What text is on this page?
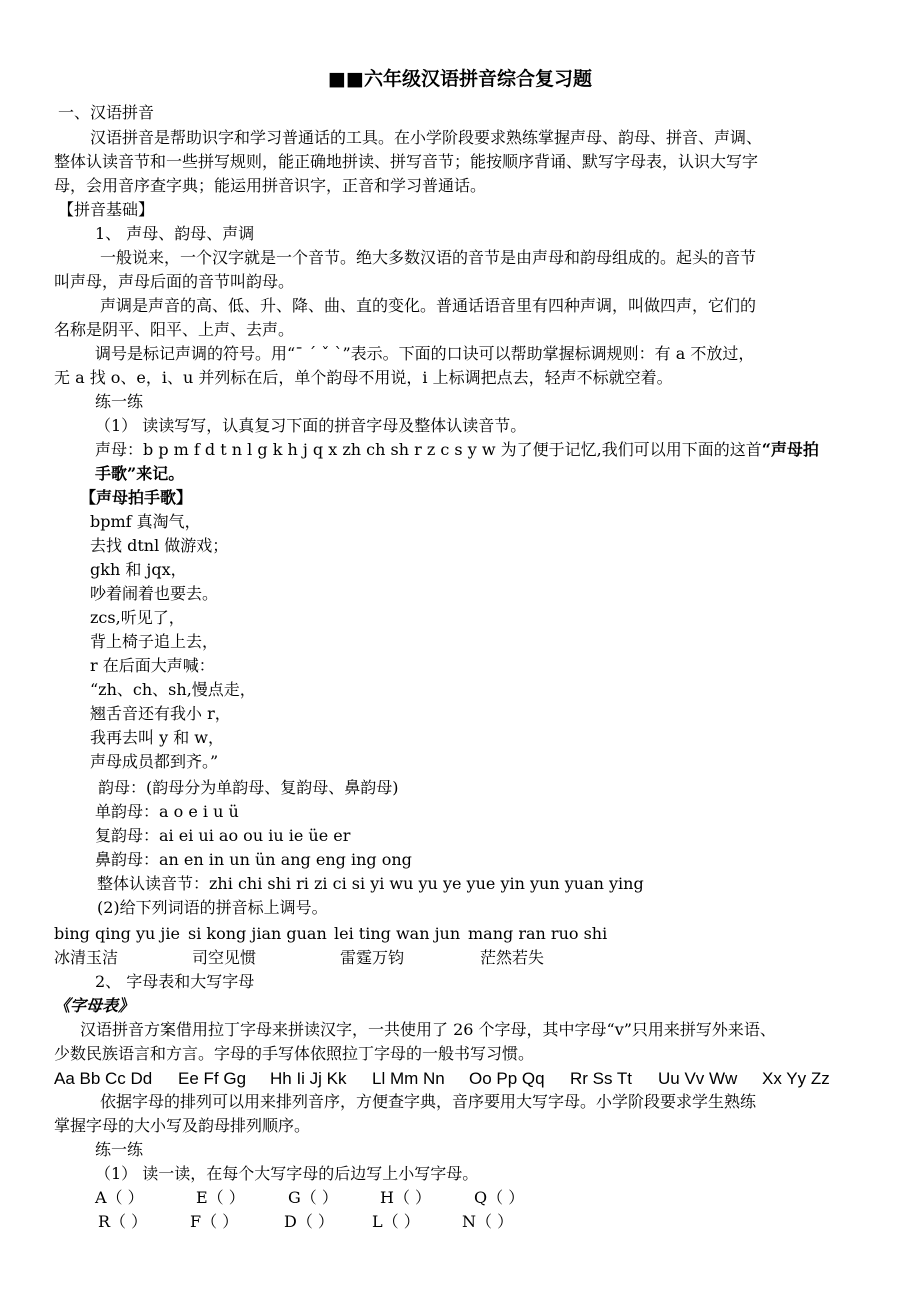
■■六年级汉语拼音综合复习题
一、汉语拼音
汉语拼音是帮助识字和学习普通话的工具。在小学阶段要求熟练掌握声母、韵母、拼音、声调、
整体认读音节和一些拼写规则，能正确地拼读、拼写音节；能按顺序背诵、默写字母表，认识大写字
母，会用音序查字典；能运用拼音识字，正音和学习普通话。
【拼音基础】
1、 声母、韵母、声调
一般说来，一个汉字就是一个音节。绝大多数汉语的音节是由声母和韵母组成的。起头的音节
叫声母，声母后面的音节叫韵母。
声调是声音的高、低、升、降、曲、直的变化。普通话语音里有四种声调，叫做四声，它们的
名称是阴平、阳平、上声、去声。
调号是标记声调的符号。用“ˉ ˊ ˇ ˋ”表示。下面的口诀可以帮助掌握标调规则：有 a 不放过，
无 a 找 o、e，i、u 并列标在后，单个韵母不用说，i 上标调把点去，轻声不标就空着。
练一练
（1） 读读写写，认真复习下面的拼音字母及整体认读音节。
声母：b p m f d t n l g k h j q x zh ch sh r z c s y w 为了便于记忆,我们可以用下面的这首“声母拍
手歌”来记。
【声母拍手歌】
bpmf 真淘气，
去找 dtnl 做游戏；
gkh 和 jqx，
吵着闹着也要去。
zcs,听见了，
背上椅子追上去，
r 在后面大声喊：
“zh、ch、sh,慢点走，
翘舌音还有我小 r，
我再去叫 y 和 w，
声母成员都到齐。”
韵母：(韵母分为单韵母、复韵母、鼻韵母)
单韵母：a o e i u ü
复韵母：ai ei ui ao ou iu ie üe er
鼻韵母：an en in un ün ang eng ing ong
整体认读音节：zhi chi shi ri zi ci si yi wu yu ye yue yin yun yuan ying
(2)给下列词语的拼音标上调号。
bing qing yu jie si kong jian guan lei ting wan jun mang ran ruo shi
冰清玉洁	司空见惯	雷霆万钧	茫然若失
2、 字母表和大写字母
《字母表》
汉语拼音方案借用拉丁字母来拼读汉字，一共使用了 26 个字母，其中字母“v”只用来拼写外来语、
少数民族语言和方言。字母的手写体依照拉丁字母的一般书写习惯。
Aa Bb Cc Dd Ee Ff Gg Hh Ii Jj Kk Ll Mm Nn Oo Pp Qq Rr Ss Tt Uu Vv Ww Xx Yy Zz
依据字母的排列可以用来排列音序，方便查字典，音序要用大写字母。小学阶段要求学生熟练
掌握字母的大小写及韵母排列顺序。
练一练
（1） 读一读，在每个大写字母的后边写上小写字母。
A（ ）	E（ ）	G（ ）	H（ ）	Q（ ）
R（ ）	F（ ）	D（ ） L（ ）	N（ ）
